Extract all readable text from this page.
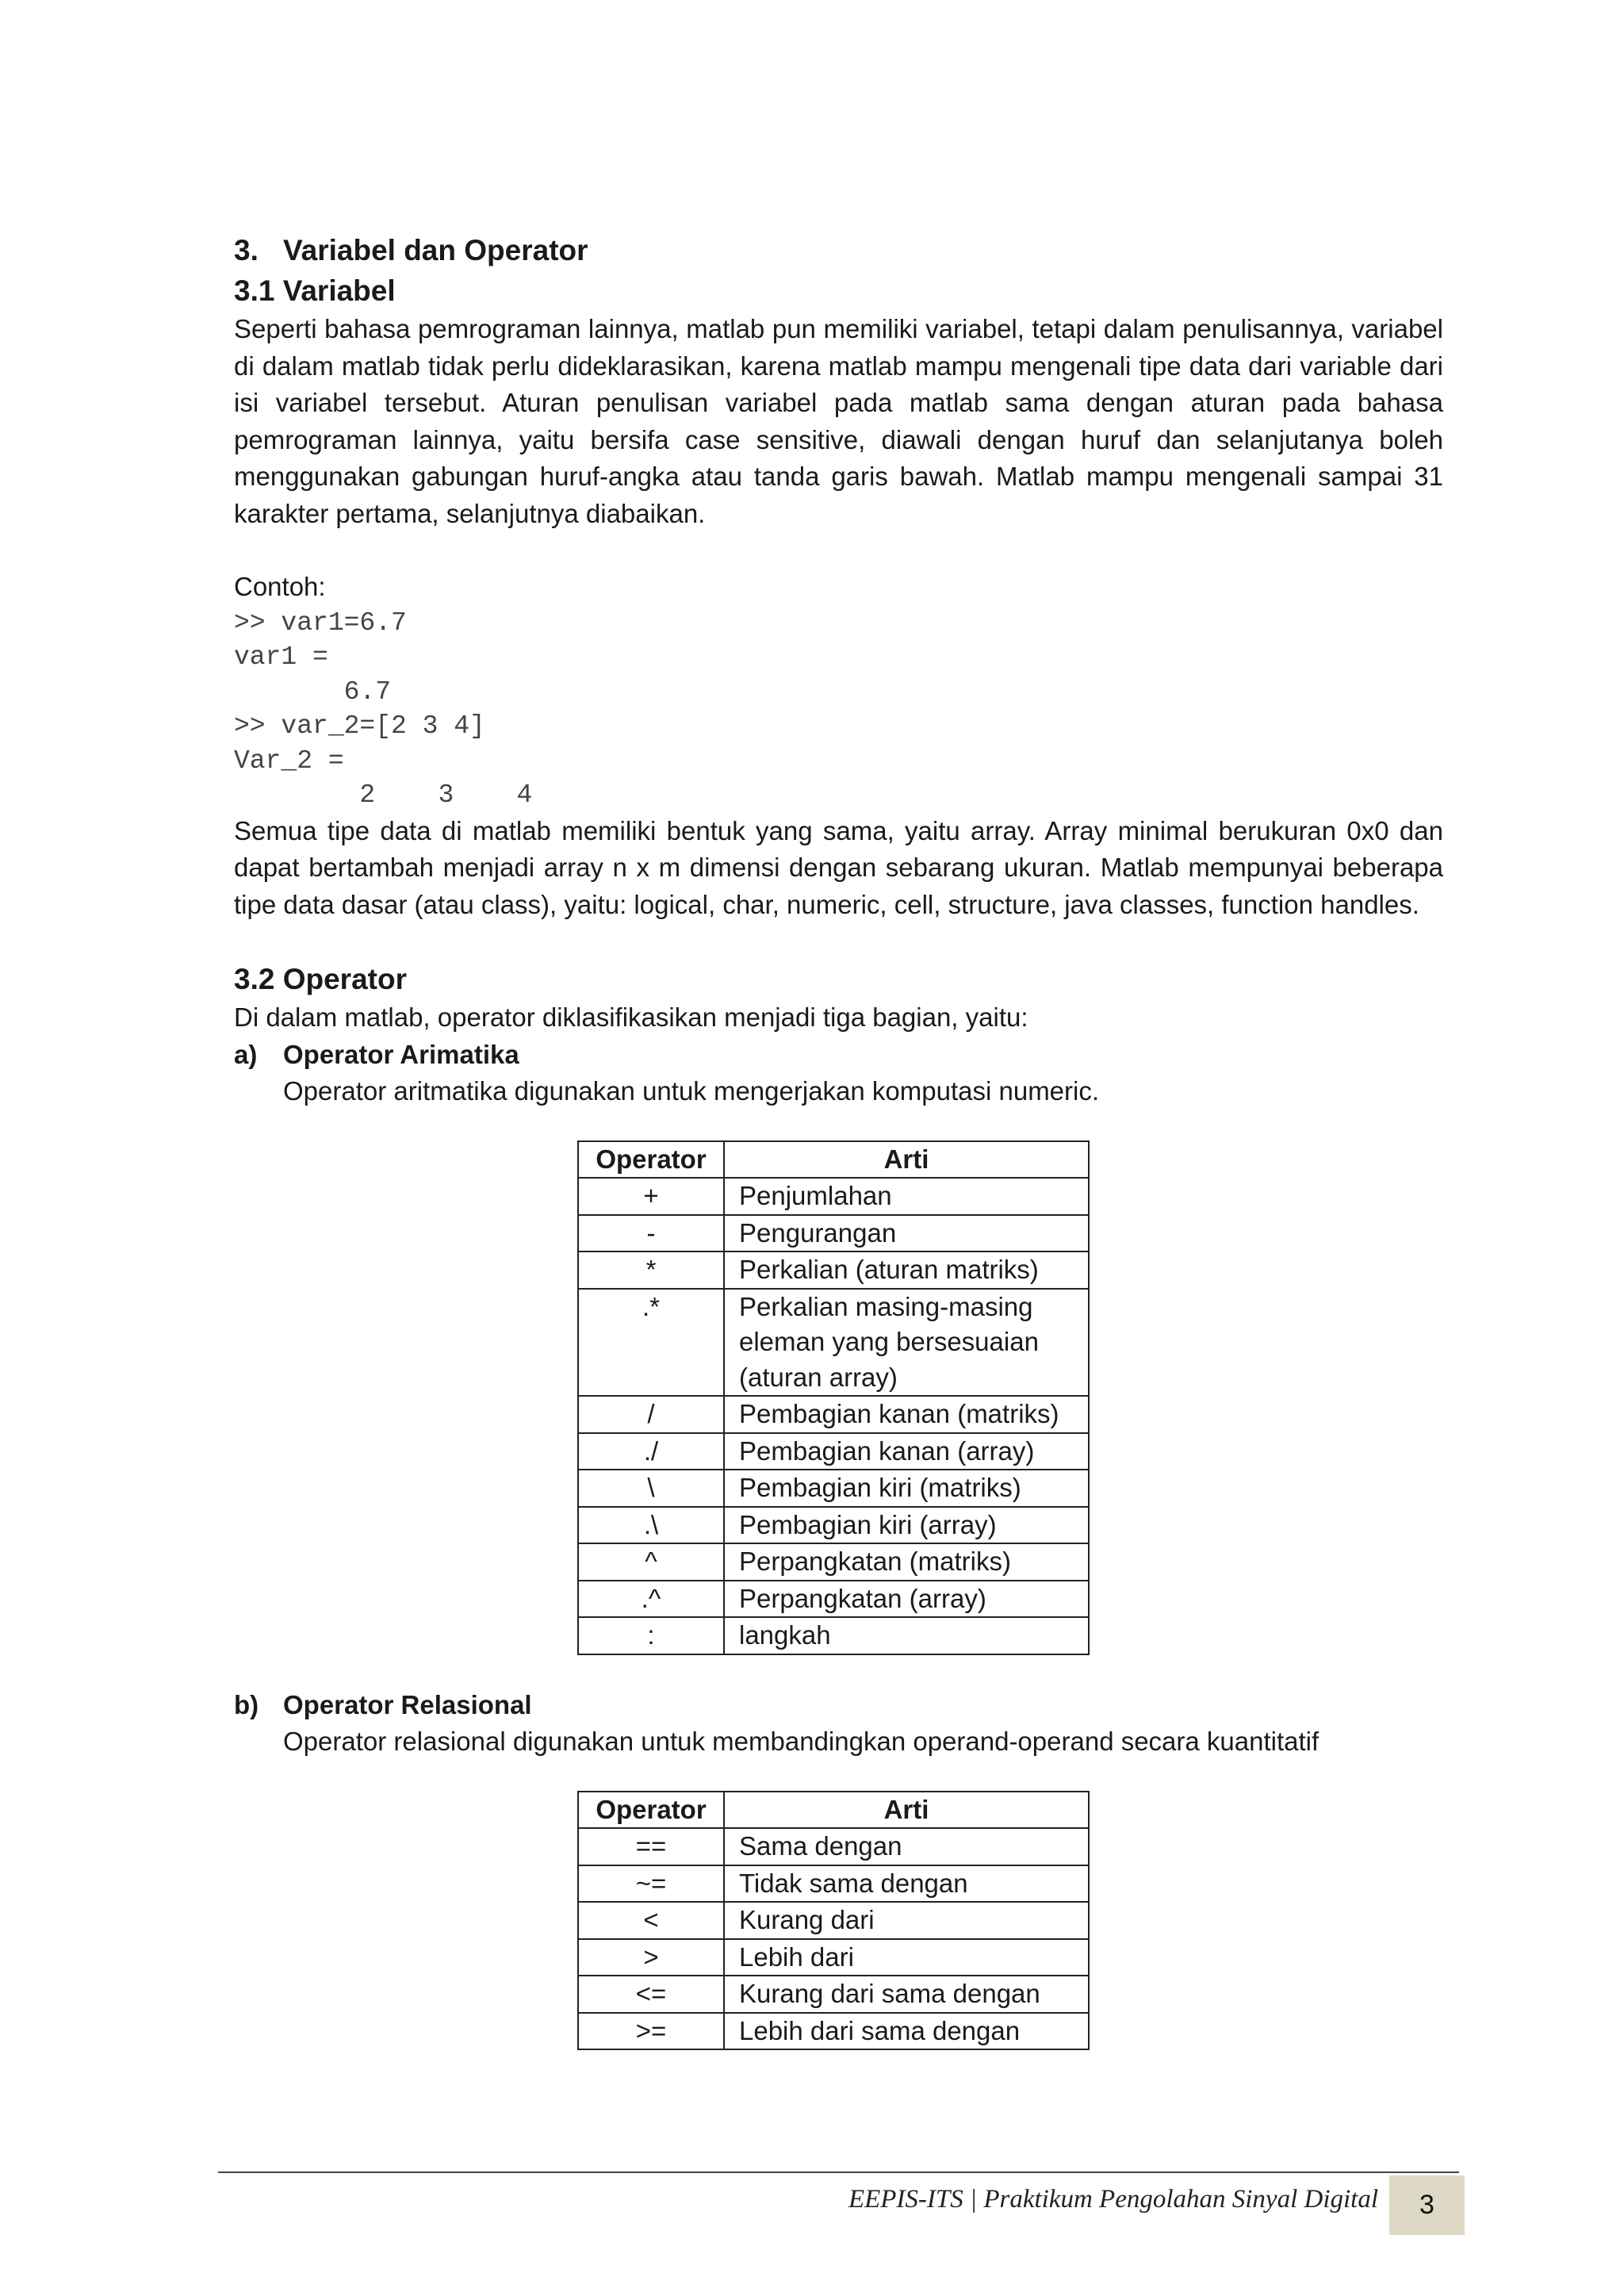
3. Variabel dan Operator
3.1 Variabel

Seperti bahasa pemrograman lainnya, matlab pun memiliki variabel, tetapi dalam penulisannya, variabel di dalam matlab tidak perlu dideklarasikan, karena matlab mampu mengenali tipe data dari variable dari isi variabel tersebut. Aturan penulisan variabel pada matlab sama dengan aturan pada bahasa pemrograman lainnya, yaitu bersifa case sensitive, diawali dengan huruf dan selanjutanya boleh menggunakan gabungan huruf-angka atau tanda garis bawah. Matlab mampu mengenali sampai 31 karakter pertama, selanjutnya diabaikan.

Contoh:

>> var1=6.7
var1 =
6.7
>> var_2=[2 3 4]
Var_2 =
2    3    4

Semua tipe data di matlab memiliki bentuk yang sama, yaitu array. Array minimal berukuran 0x0 dan dapat bertambah menjadi array n x m dimensi dengan sebarang ukuran. Matlab mempunyai beberapa tipe data dasar (atau class), yaitu: logical, char, numeric, cell, structure, java classes, function handles.

3.2 Operator

Di dalam matlab, operator diklasifikasikan menjadi tiga bagian, yaitu:

a) Operator Arimatika
Operator aritmatika digunakan untuk mengerjakan komputasi numeric.
Operator	Arti
+	Penjumlahan
-	Pengurangan
*	Perkalian (aturan matriks)
.*	Perkalian masing-masing eleman yang bersesuaian (aturan array)
/	Pembagian kanan (matriks)
./	Pembagian kanan (array)
\	Pembagian kiri (matriks)
.\	Pembagian kiri (array)
^	Perpangkatan (matriks)
.^	Perpangkatan (array)
:	langkah
b) Operator Relasional
Operator relasional digunakan untuk membandingkan operand-operand secara kuantitatif
Operator	Arti
==	Sama dengan
~=	Tidak sama dengan
<	Kurang dari
>	Lebih dari
<=	Kurang dari sama dengan
>=	Lebih dari sama dengan
EEPIS-ITS | Praktikum Pengolahan Sinyal Digital	3
